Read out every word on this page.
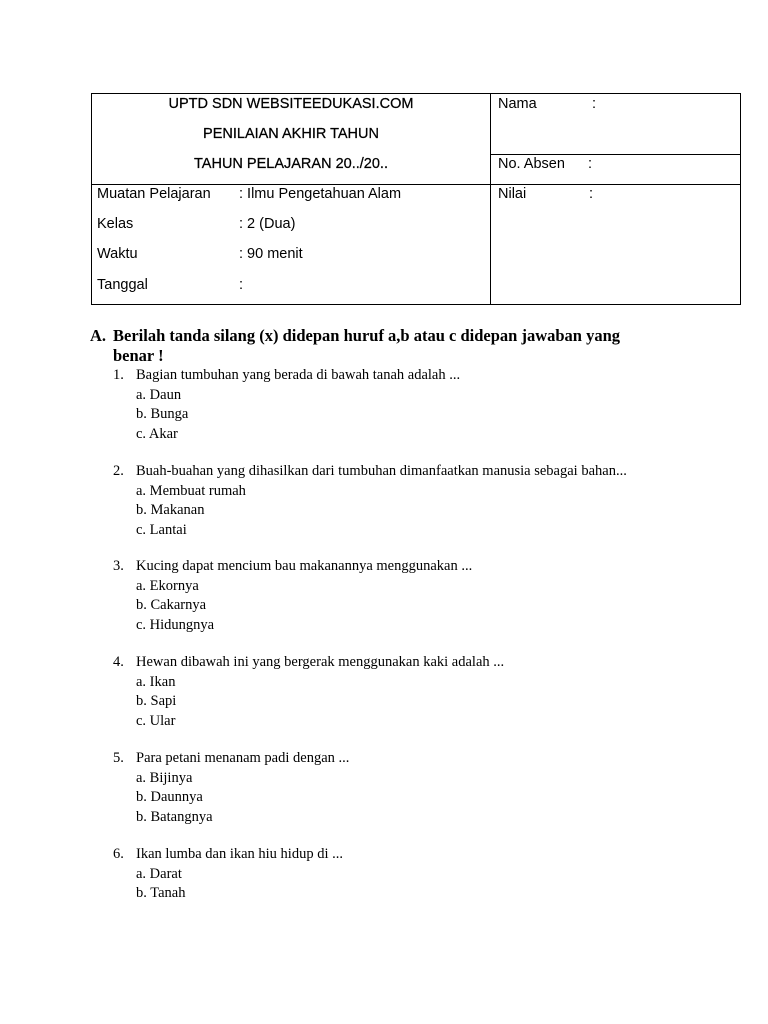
UPTD SDN WEBSITEEDUKASI.COM
PENILAIAN AKHIR TAHUN
TAHUN PELAJARAN 20../20..
Muatan Pelajaran : Ilmu Pengetahuan Alam
Kelas	: 2 (Dua)
Waktu	: 90 menit
Tanggal	:
Nama	:
No. Absen :
Nilai	:
A. Berilah tanda silang (x) didepan huruf a,b atau c didepan jawaban yang benar !
1. Bagian tumbuhan yang berada di bawah tanah adalah ...
a. Daun
b. Bunga
c. Akar
2. Buah-buahan yang dihasilkan dari tumbuhan dimanfaatkan manusia sebagai bahan...
a. Membuat rumah
b. Makanan
c. Lantai
3. Kucing dapat mencium bau makanannya menggunakan ...
a. Ekornya
b. Cakarnya
c. Hidungnya
4. Hewan dibawah ini yang bergerak menggunakan kaki adalah ...
a. Ikan
b. Sapi
c. Ular
5. Para petani menanam padi dengan ...
a. Bijinya
b. Daunnya
b. Batangnya
6. Ikan lumba dan ikan hiu hidup di ...
a. Darat
b. Tanah
